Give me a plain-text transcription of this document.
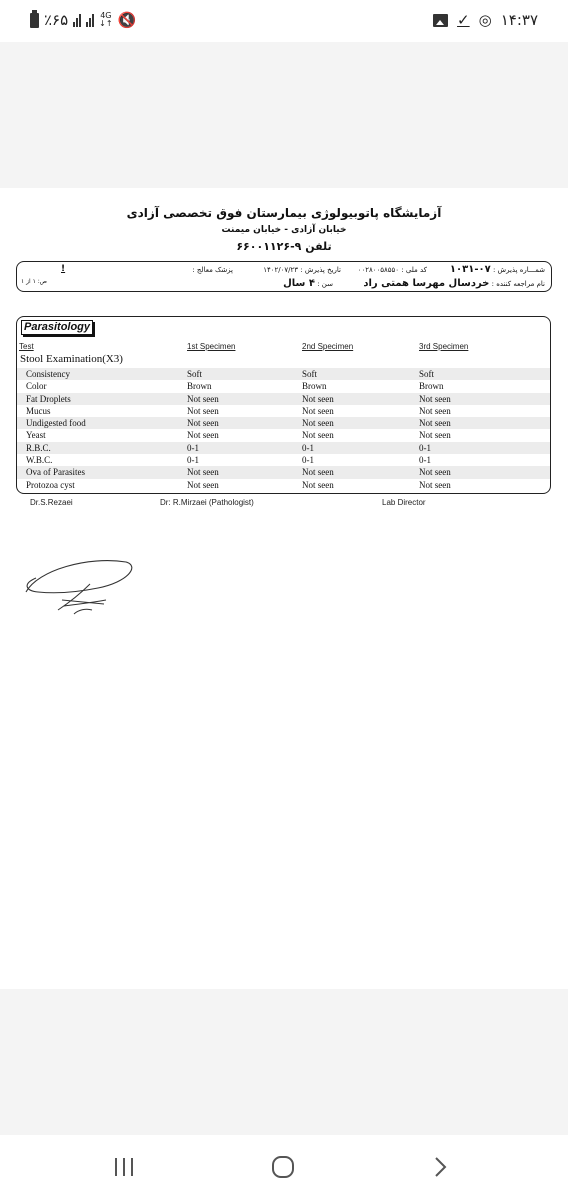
٪۶۵	4G
↓↑ 🔇	✓ ◎ ۱۴:۳۷
آزمایشگاه پاتوبیولوژی بیمارستان فوق تخصصی آزادی
خیابان آزادی - خیابان میمنت
تلفن ۹-۶۶۰۰۱۱۲۶
شمـــاره پذیرش : ۰۷-۱۰۳۱
کد ملی : ۰۰۲۸۰۰۵۸۵۵۰
تاریخ پذیرش : ۱۴۰۲/۰۷/۲۳
پزشک معالج :
نام مراجعه کننده : خردسال مهرسا همتی راد
سن : ۴ سال
!
ص: ۱ از ۱
Parasitology
Test	1st Specimen	2nd Specimen	3rd Specimen
Stool Examination(X3)
Consistency	Soft	Soft	Soft
Color	Brown	Brown	Brown
Fat Droplets	Not seen	Not seen	Not seen
Mucus	Not seen	Not seen	Not seen
Undigested food	Not seen	Not seen	Not seen
Yeast	Not seen	Not seen	Not seen
R.B.C.	0-1	0-1	0-1
W.B.C.	0-1	0-1	0-1
Ova of Parasites	Not seen	Not seen	Not seen
Protozoa cyst	Not seen	Not seen	Not seen
Dr.S.Rezaei	Dr: R.Mirzaei (Pathologist)	Lab Director
